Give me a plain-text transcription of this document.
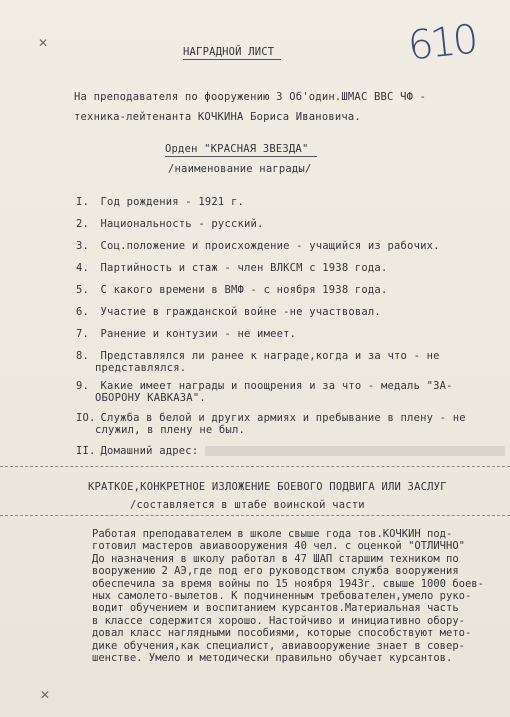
✕
✕
НАГРАДНОЙ ЛИСТ	610
На преподавателя по фоoружению 3 Об'один.ШМАС ВВС ЧФ -
техника-лейтенанта КОЧКИНА Бориса Ивановича.
Орден "КРАСНАЯ ЗВЕЗДА"
/наименование награды/
I. Год рождения - 1921 г.
2. Национальность - русский.
3. Соц.положение и происхождение - учащийся из рабочих.
4. Партийность и стаж - член ВЛКСМ с 1938 года.
5. С какого времени в ВМФ - с ноября 1938 года.
6. Участие в гражданской войне -не участвовал.
7. Ранение и контузии - не имеет.
8. Представлялся ли ранее к награде,когда и за что - не
представлялся.
9. Какие имеет награды и поощрения и за что - медаль "ЗА-
ОБОРОНУ КАВКАЗА".
IO. Служба в белой и других армиях и пребывание в плену - не
служил, в плену не был.
II. Домашний адрес:
КРАТКОЕ,КОНКРЕТНОЕ ИЗЛОЖЕНИЕ БОЕВОГО ПОДВИГА ИЛИ ЗАСЛУГ
/составляется в штабе воинской части
Работая преподавателем в школе свыше года тов.КОЧКИН под-
готовил мастеров авиавооружения 40 чел. с оценкой "ОТЛИЧНО"
До назначения в школу работал в 47 ШАП старшим техником по
вооружению 2 АЭ,где под его руководством служба вооружения
обеспечила за время войны по 15 ноября 1943г. свыше 1000 боев-
ных самолето-вылетов. К подчиненным требователен,умело руко-
водит обучением и воспитанием курсантов.Материальная часть
в классе содержится хорошо. Настойчиво и инициативно обору-
довал класс наглядными пособиями, которые способствуют мето-
дике обучения,как специалист, авиавооружение знает в совер-
шенстве. Умело и методически правильно обучает курсантов.
